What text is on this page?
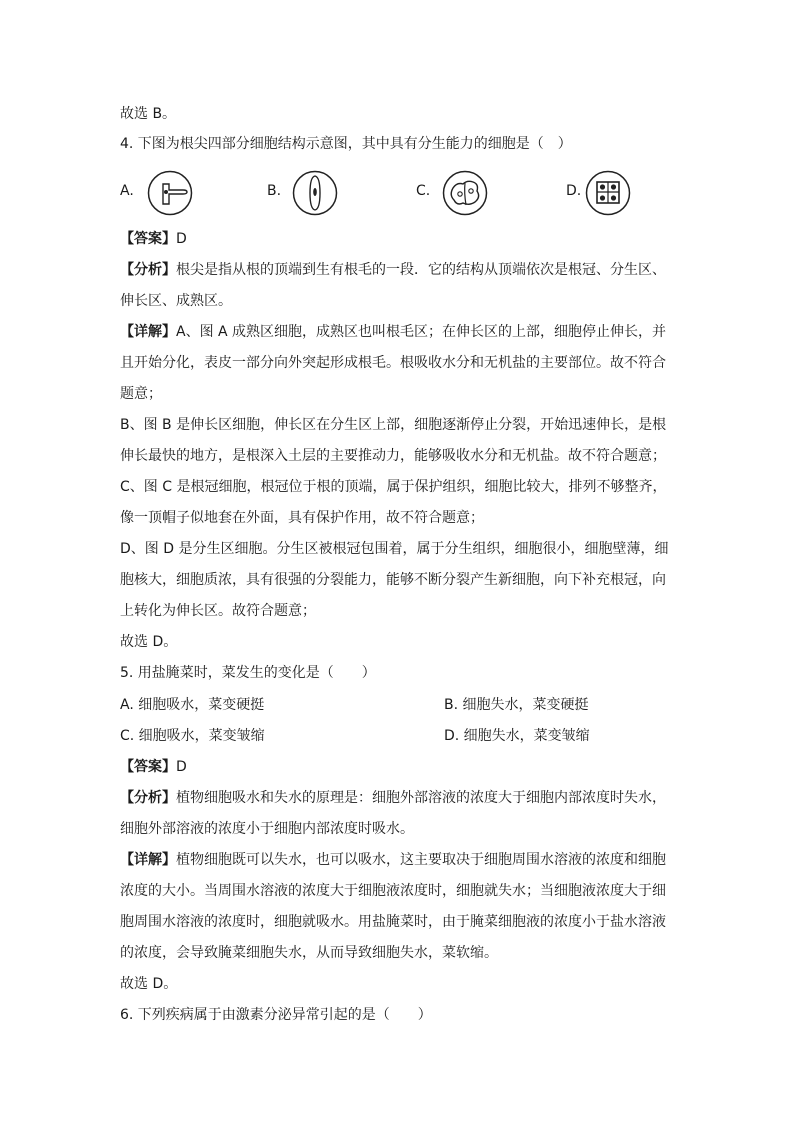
故选 B。
4. 下图为根尖四部分细胞结构示意图，其中具有分生能力的细胞是（　）
A.	B.	C.	D.
【答案】D
【分析】根尖是指从根的顶端到生有根毛的一段．它的结构从顶端依次是根冠、分生区、
伸长区、成熟区。
【详解】A、图 A 成熟区细胞，成熟区也叫根毛区；在伸长区的上部，细胞停止伸长，并
且开始分化，表皮一部分向外突起形成根毛。根吸收水分和无机盐的主要部位。故不符合
题意；
B、图 B 是伸长区细胞，伸长区在分生区上部，细胞逐渐停止分裂，开始迅速伸长，是根
伸长最快的地方，是根深入土层的主要推动力，能够吸收水分和无机盐。故不符合题意；
C、图 C 是根冠细胞，根冠位于根的顶端，属于保护组织，细胞比较大，排列不够整齐，
像一顶帽子似地套在外面，具有保护作用，故不符合题意；
D、图 D 是分生区细胞。分生区被根冠包围着，属于分生组织，细胞很小，细胞壁薄，细
胞核大，细胞质浓，具有很强的分裂能力，能够不断分裂产生新细胞，向下补充根冠，向
上转化为伸长区。故符合题意；
故选 D。
5. 用盐腌菜时，菜发生的变化是（　　）
A. 细胞吸水，菜变硬挺	B. 细胞失水，菜变硬挺
C. 细胞吸水，菜变皱缩	D. 细胞失水，菜变皱缩
【答案】D
【分析】植物细胞吸水和失水的原理是：细胞外部溶液的浓度大于细胞内部浓度时失水，
细胞外部溶液的浓度小于细胞内部浓度时吸水。
【详解】植物细胞既可以失水，也可以吸水，这主要取决于细胞周围水溶液的浓度和细胞
浓度的大小。当周围水溶液的浓度大于细胞液浓度时，细胞就失水；当细胞液浓度大于细
胞周围水溶液的浓度时，细胞就吸水。用盐腌菜时，由于腌菜细胞液的浓度小于盐水溶液
的浓度，会导致腌菜细胞失水，从而导致细胞失水，菜软缩。
故选 D。
6. 下列疾病属于由激素分泌异常引起的是（　　）
